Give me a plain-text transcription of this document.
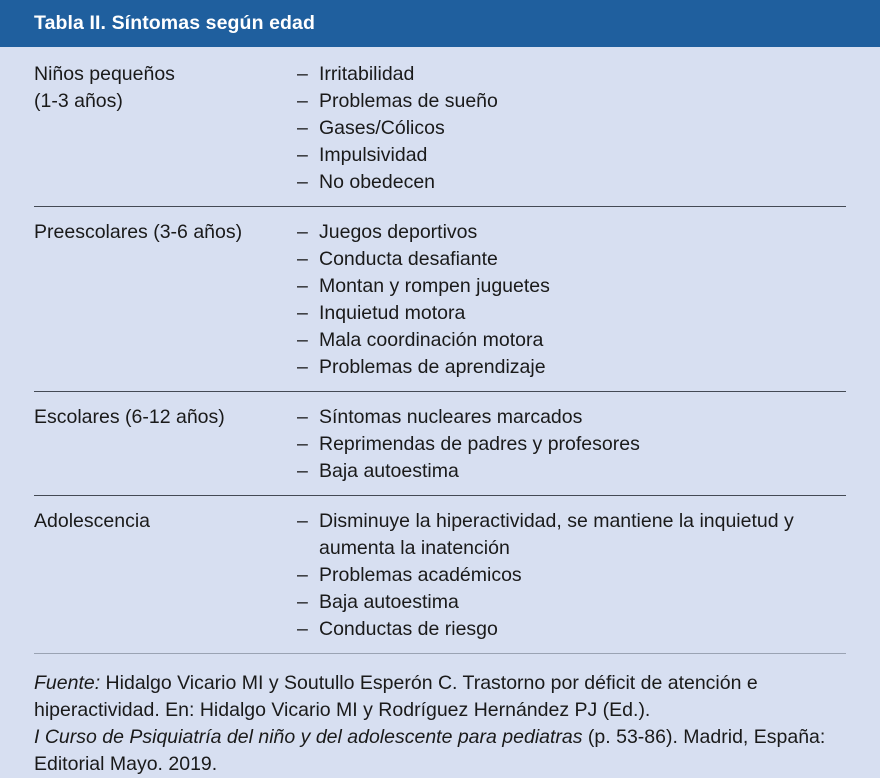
Tabla II. Síntomas según edad
Niños pequeños
(1-3 años)
– Irritabilidad
– Problemas de sueño
– Gases/Cólicos
– Impulsividad
– No obedecen
Preescolares (3-6 años)	– Juegos deportivos
– Conducta desafiante
– Montan y rompen juguetes
– Inquietud motora
– Mala coordinación motora
– Problemas de aprendizaje
Escolares (6-12 años)	– Síntomas nucleares marcados
– Reprimendas de padres y profesores
– Baja autoestima
Adolescencia	– Disminuye la hiperactividad, se mantiene la inquietud y aumenta la inatención
– Problemas académicos
– Baja autoestima
– Conductas de riesgo
Fuente: Hidalgo Vicario MI y Soutullo Esperón C. Trastorno por déficit de atención e hiperactividad. En: Hidalgo Vicario MI y Rodríguez Hernández PJ (Ed.).
I Curso de Psiquiatría del niño y del adolescente para pediatras (p. 53-86). Madrid, España: Editorial Mayo. 2019.
